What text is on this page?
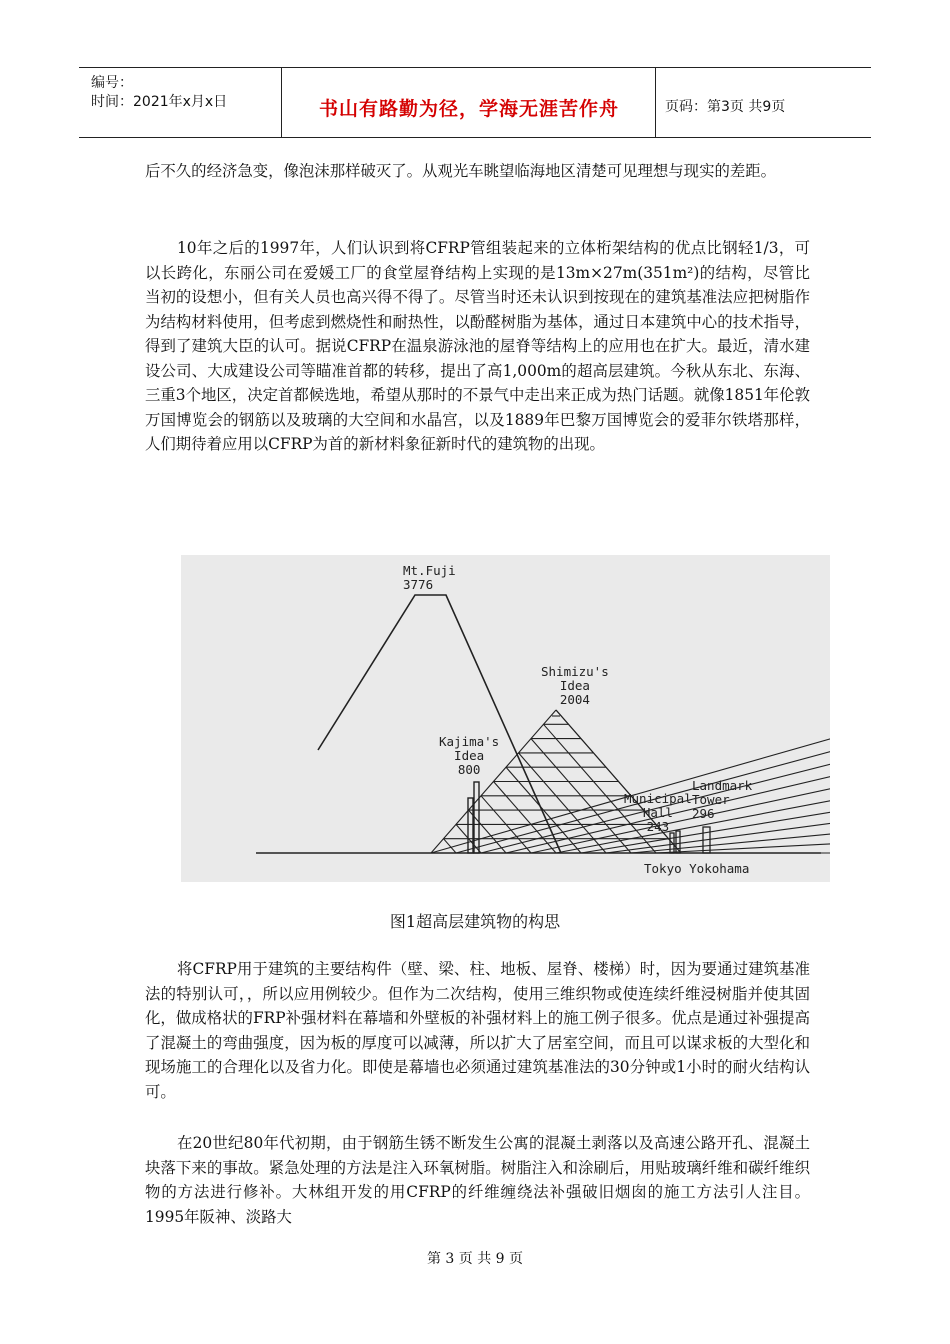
编号：
时间：2021年x月x日	书山有路勤为径，学海无涯苦作舟	页码：第3页 共9页
后不久的经济急变，像泡沫那样破灭了。从观光车眺望临海地区清楚可见理想与现实的差距。
10年之后的1997年，人们认识到将CFRP管组装起来的立体桁架结构的优点比钢轻1/3，可以长跨化，东丽公司在爱媛工厂的食堂屋脊结构上实现的是13m×27m(351m²)的结构，尽管比当初的设想小，但有关人员也高兴得不得了。尽管当时还未认识到按现在的建筑基准法应把树脂作为结构材料使用，但考虑到燃烧性和耐热性，以酚醛树脂为基体，通过日本建筑中心的技术指导，得到了建筑大臣的认可。据说CFRP在温泉游泳池的屋脊等结构上的应用也在扩大。最近，清水建设公司、大成建设公司等瞄准首都的转移，提出了高1,000m的超高层建筑。今秋从东北、东海、三重3个地区，决定首都候选地，希望从那时的不景气中走出来正成为热门话题。就像1851年伦敦万国博览会的钢筋以及玻璃的大空间和水晶宫，以及1889年巴黎万国博览会的爱菲尔铁塔那样，人们期待着应用以CFRP为首的新材料象征新时代的建筑物的出现。
Mt.Fuji
3776
Shimizu's
Idea
2004
Kajima's
Idea
800
Municipal
Hall
243
Landmark
Tower
296
Tokyo Yokohama
图1超高层建筑物的构思
将CFRP用于建筑的主要结构件（壁、梁、柱、地板、屋脊、楼梯）时，因为要通过建筑基准法的特别认可，，所以应用例较少。但作为二次结构，使用三维织物或使连续纤维浸树脂并使其固化，做成格状的FRP补强材料在幕墙和外壁板的补强材料上的施工例子很多。优点是通过补强提高了混凝土的弯曲强度，因为板的厚度可以减薄，所以扩大了居室空间，而且可以谋求板的大型化和现场施工的合理化以及省力化。即使是幕墙也必须通过建筑基准法的30分钟或1小时的耐火结构认可。
在20世纪80年代初期，由于钢筋生锈不断发生公寓的混凝土剥落以及高速公路开孔、混凝土块落下来的事故。紧急处理的方法是注入环氧树脂。树脂注入和涂刷后，用贴玻璃纤维和碳纤维织物的方法进行修补。大林组开发的用CFRP的纤维缠绕法补强破旧烟囱的施工方法引人注目。1995年阪神、淡路大
第 3 页 共 9 页
